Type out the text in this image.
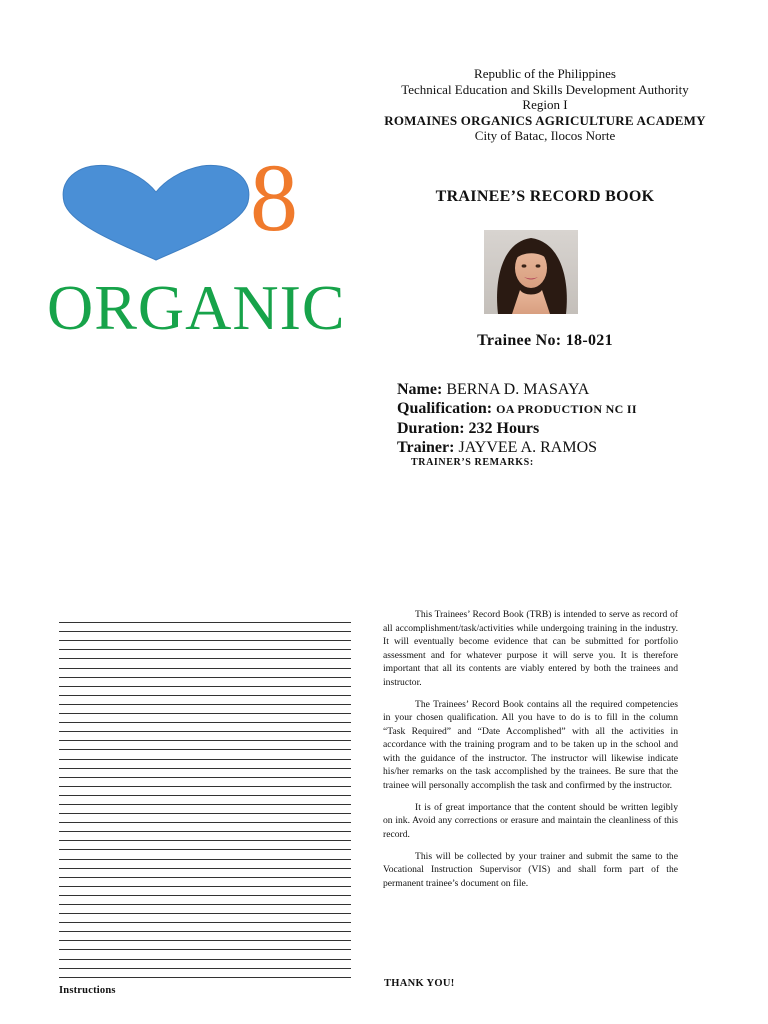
Republic of the Philippines
Technical Education and Skills Development Authority
Region I
ROMAINES ORGANICS AGRICULTURE ACADEMY
City of Batac, Ilocos Norte
8
ORGANIC
TRAINEE’S RECORD BOOK
Trainee No: 18-021
Name: BERNA D. MASAYA
Qualification: OA PRODUCTION NC II
Duration: 232 Hours
Trainer: JAYVEE A. RAMOS
TRAINER’S REMARKS:
Instructions

This Trainees’ Record Book (TRB) is intended to serve as record of all accomplishment/task/activities while undergoing training in the industry. It will eventually become evidence that can be submitted for portfolio assessment and for whatever purpose it will serve you. It is therefore important that all its contents are viably entered by both the trainees and instructor.

The Trainees’ Record Book contains all the required competencies in your chosen qualification. All you have to do is to fill in the column “Task Required” and “Date Accomplished” with all the activities in accordance with the training program and to be taken up in the school and with the guidance of the instructor. The instructor will likewise indicate his/her remarks on the task accomplished by the trainees. Be sure that the trainee will personally accomplish the task and confirmed by the instructor.

It is of great importance that the content should be written legibly on ink. Avoid any corrections or erasure and maintain the cleanliness of this record.

This will be collected by your trainer and submit the same to the Vocational Instruction Supervisor (VIS) and shall form part of the permanent trainee’s document on file.

THANK YOU!
